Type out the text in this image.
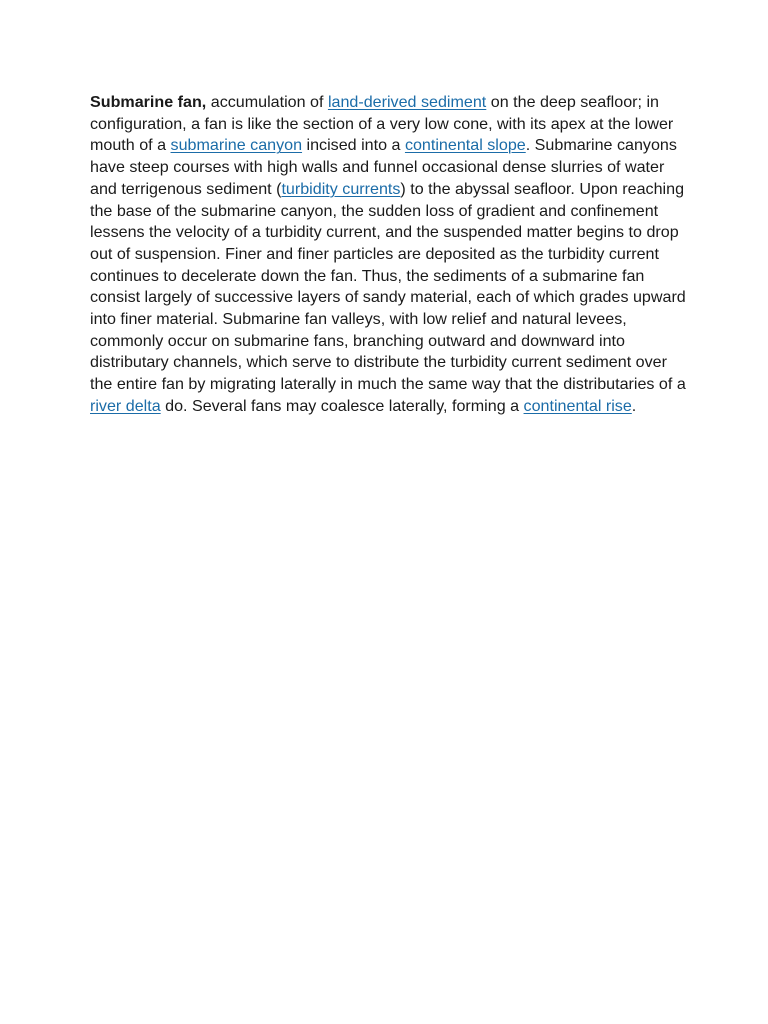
Submarine fan, accumulation of land-derived sediment on the deep seafloor; in configuration, a fan is like the section of a very low cone, with its apex at the lower mouth of a submarine canyon incised into a continental slope. Submarine canyons have steep courses with high walls and funnel occasional dense slurries of water and terrigenous sediment (turbidity currents) to the abyssal seafloor. Upon reaching the base of the submarine canyon, the sudden loss of gradient and confinement lessens the velocity of a turbidity current, and the suspended matter begins to drop out of suspension. Finer and finer particles are deposited as the turbidity current continues to decelerate down the fan. Thus, the sediments of a submarine fan consist largely of successive layers of sandy material, each of which grades upward into finer material. Submarine fan valleys, with low relief and natural levees, commonly occur on submarine fans, branching outward and downward into distributary channels, which serve to distribute the turbidity current sediment over the entire fan by migrating laterally in much the same way that the distributaries of a river delta do. Several fans may coalesce laterally, forming a continental rise.
